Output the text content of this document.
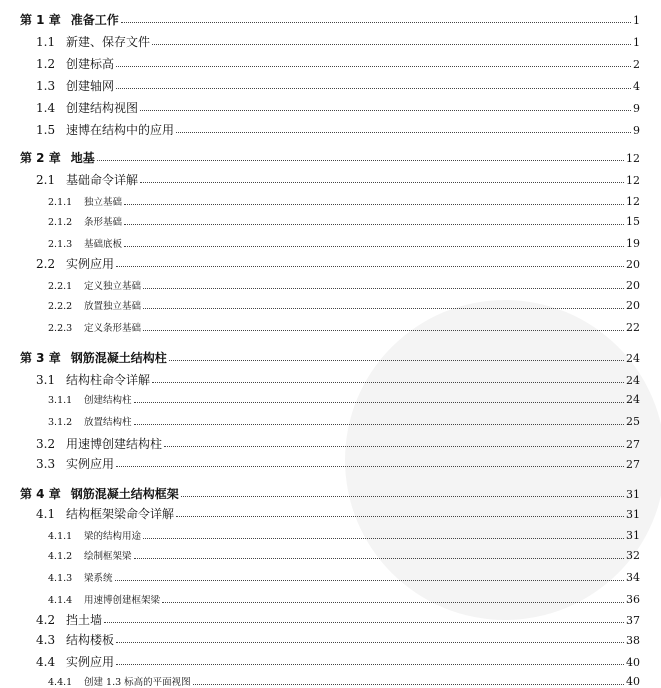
第 1 章 准备工作	1
1.1 新建、保存文件	1
1.2 创建标高	2
1.3 创建轴网	4
1.4 创建结构视图	9
1.5 速博在结构中的应用	9
第 2 章 地基	12
2.1 基础命令详解	12
2.1.1	独立基础	12
2.1.2	条形基础	15
2.1.3	基础底板	19
2.2 实例应用	20
2.2.1	定义独立基础	20
2.2.2	放置独立基础	20
2.2.3	定义条形基础	22
第 3 章 钢筋混凝土结构柱	24
3.1 结构柱命令详解	24
3.1.1	创建结构柱	24
3.1.2	放置结构柱	25
3.2 用速博创建结构柱	27
3.3 实例应用	27
第 4 章 钢筋混凝土结构框架	31
4.1 结构框架梁命令详解	31
4.1.1	梁的结构用途	31
4.1.2	绘制框架梁	32
4.1.3	梁系统	34
4.1.4	用速博创建框架梁	36
4.2 挡土墙	37
4.3 结构楼板	38
4.4 实例应用	40
4.4.1	创建 1.3 标高的平面视图	40
